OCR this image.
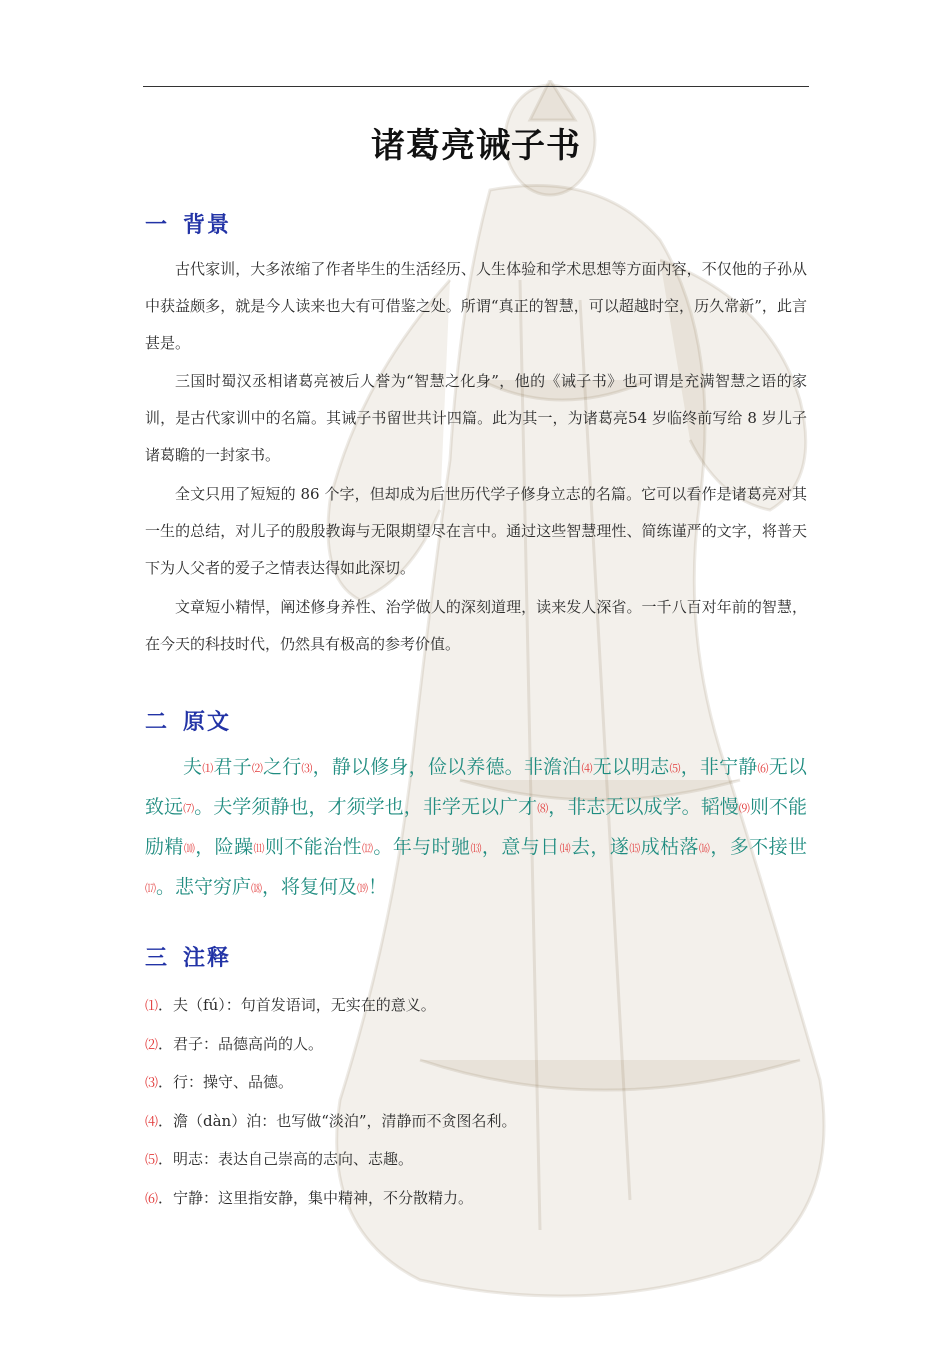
诸葛亮诫子书
一 背景

古代家训，大多浓缩了作者毕生的生活经历、人生体验和学术思想等方面内容，不仅他的子孙从中获益颇多，就是今人读来也大有可借鉴之处。所谓“真正的智慧，可以超越时空，历久常新”，此言甚是。

三国时蜀汉丞相诸葛亮被后人誉为“智慧之化身”，他的《诫子书》也可谓是充满智慧之语的家训，是古代家训中的名篇。其诫子书留世共计四篇。此为其一，为诸葛亮54 岁临终前写给 8 岁儿子诸葛瞻的一封家书。

全文只用了短短的 86 个字，但却成为后世历代学子修身立志的名篇。它可以看作是诸葛亮对其一生的总结，对儿子的殷殷教诲与无限期望尽在言中。通过这些智慧理性、简练谨严的文字，将普天下为人父者的爱子之情表达得如此深切。

文章短小精悍，阐述修身养性、治学做人的深刻道理，读来发人深省。一千八百对年前的智慧，在今天的科技时代，仍然具有极高的参考价值。

二 原文

夫⑴君子⑵之行⑶，静以修身，俭以养德。非澹泊⑷无以明志⑸，非宁静⑹无以致远⑺。夫学须静也，才须学也，非学无以广才⑻，非志无以成学。韬慢⑼则不能励精⑽，险躁⑾则不能治性⑿。年与时驰⒀，意与日⒁去，遂⒂成枯落⒃，多不接世⒄。悲守穷庐⒅，将复何及⒆！

三 注释
⑴．夫（fú）：句首发语词，无实在的意义。
⑵．君子：品德高尚的人。
⑶．行：操守、品德。
⑷．澹（dàn）泊：也写做“淡泊”，清静而不贪图名利。
⑸．明志：表达自己崇高的志向、志趣。
⑹．宁静：这里指安静，集中精神，不分散精力。
